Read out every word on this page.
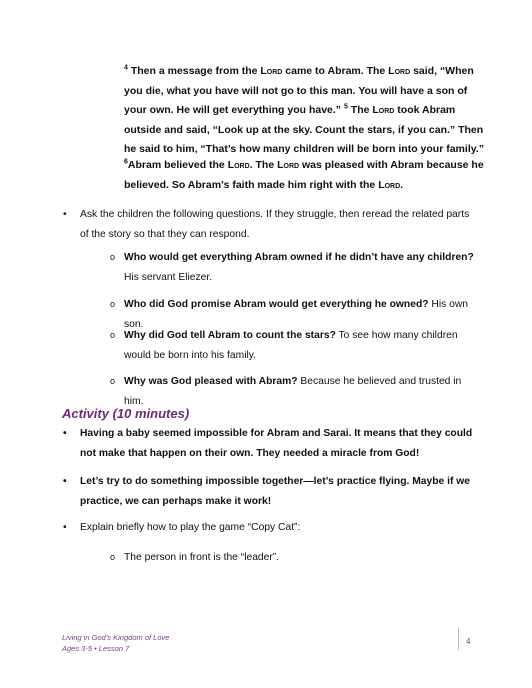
$^4$ Then a message from the Lord came to Abram. The Lord said, “When you die, what you have will not go to this man. You will have a son of your own. He will get everything you have.” $^5$ The Lord took Abram outside and said, “Look up at the sky. Count the stars, if you can.” Then he said to him, “That’s how many children will be born into your family.”

$^6$Abram believed the Lord. The Lord was pleased with Abram because he believed. So Abram’s faith made him right with the Lord.

• Ask the children the following questions. If they struggle, then reread the related parts of the story so that they can respond.
o Who would get everything Abram owned if he didn’t have any children? His servant Eliezer.
o Who did God promise Abram would get everything he owned? His own son.
o Why did God tell Abram to count the stars? To see how many children would be born into his family.
o Why was God pleased with Abram? Because he believed and trusted in him.
Activity (10 minutes)
• Having a baby seemed impossible for Abram and Sarai. It means that they could not make that happen on their own. They needed a miracle from God!
• Let’s try to do something impossible together—let’s practice flying. Maybe if we practice, we can perhaps make it work!
• Explain briefly how to play the game “Copy Cat”:
o The person in front is the “leader”.
Living in God’s Kingdom of Love
Ages 3-5 • Lesson 7
4
